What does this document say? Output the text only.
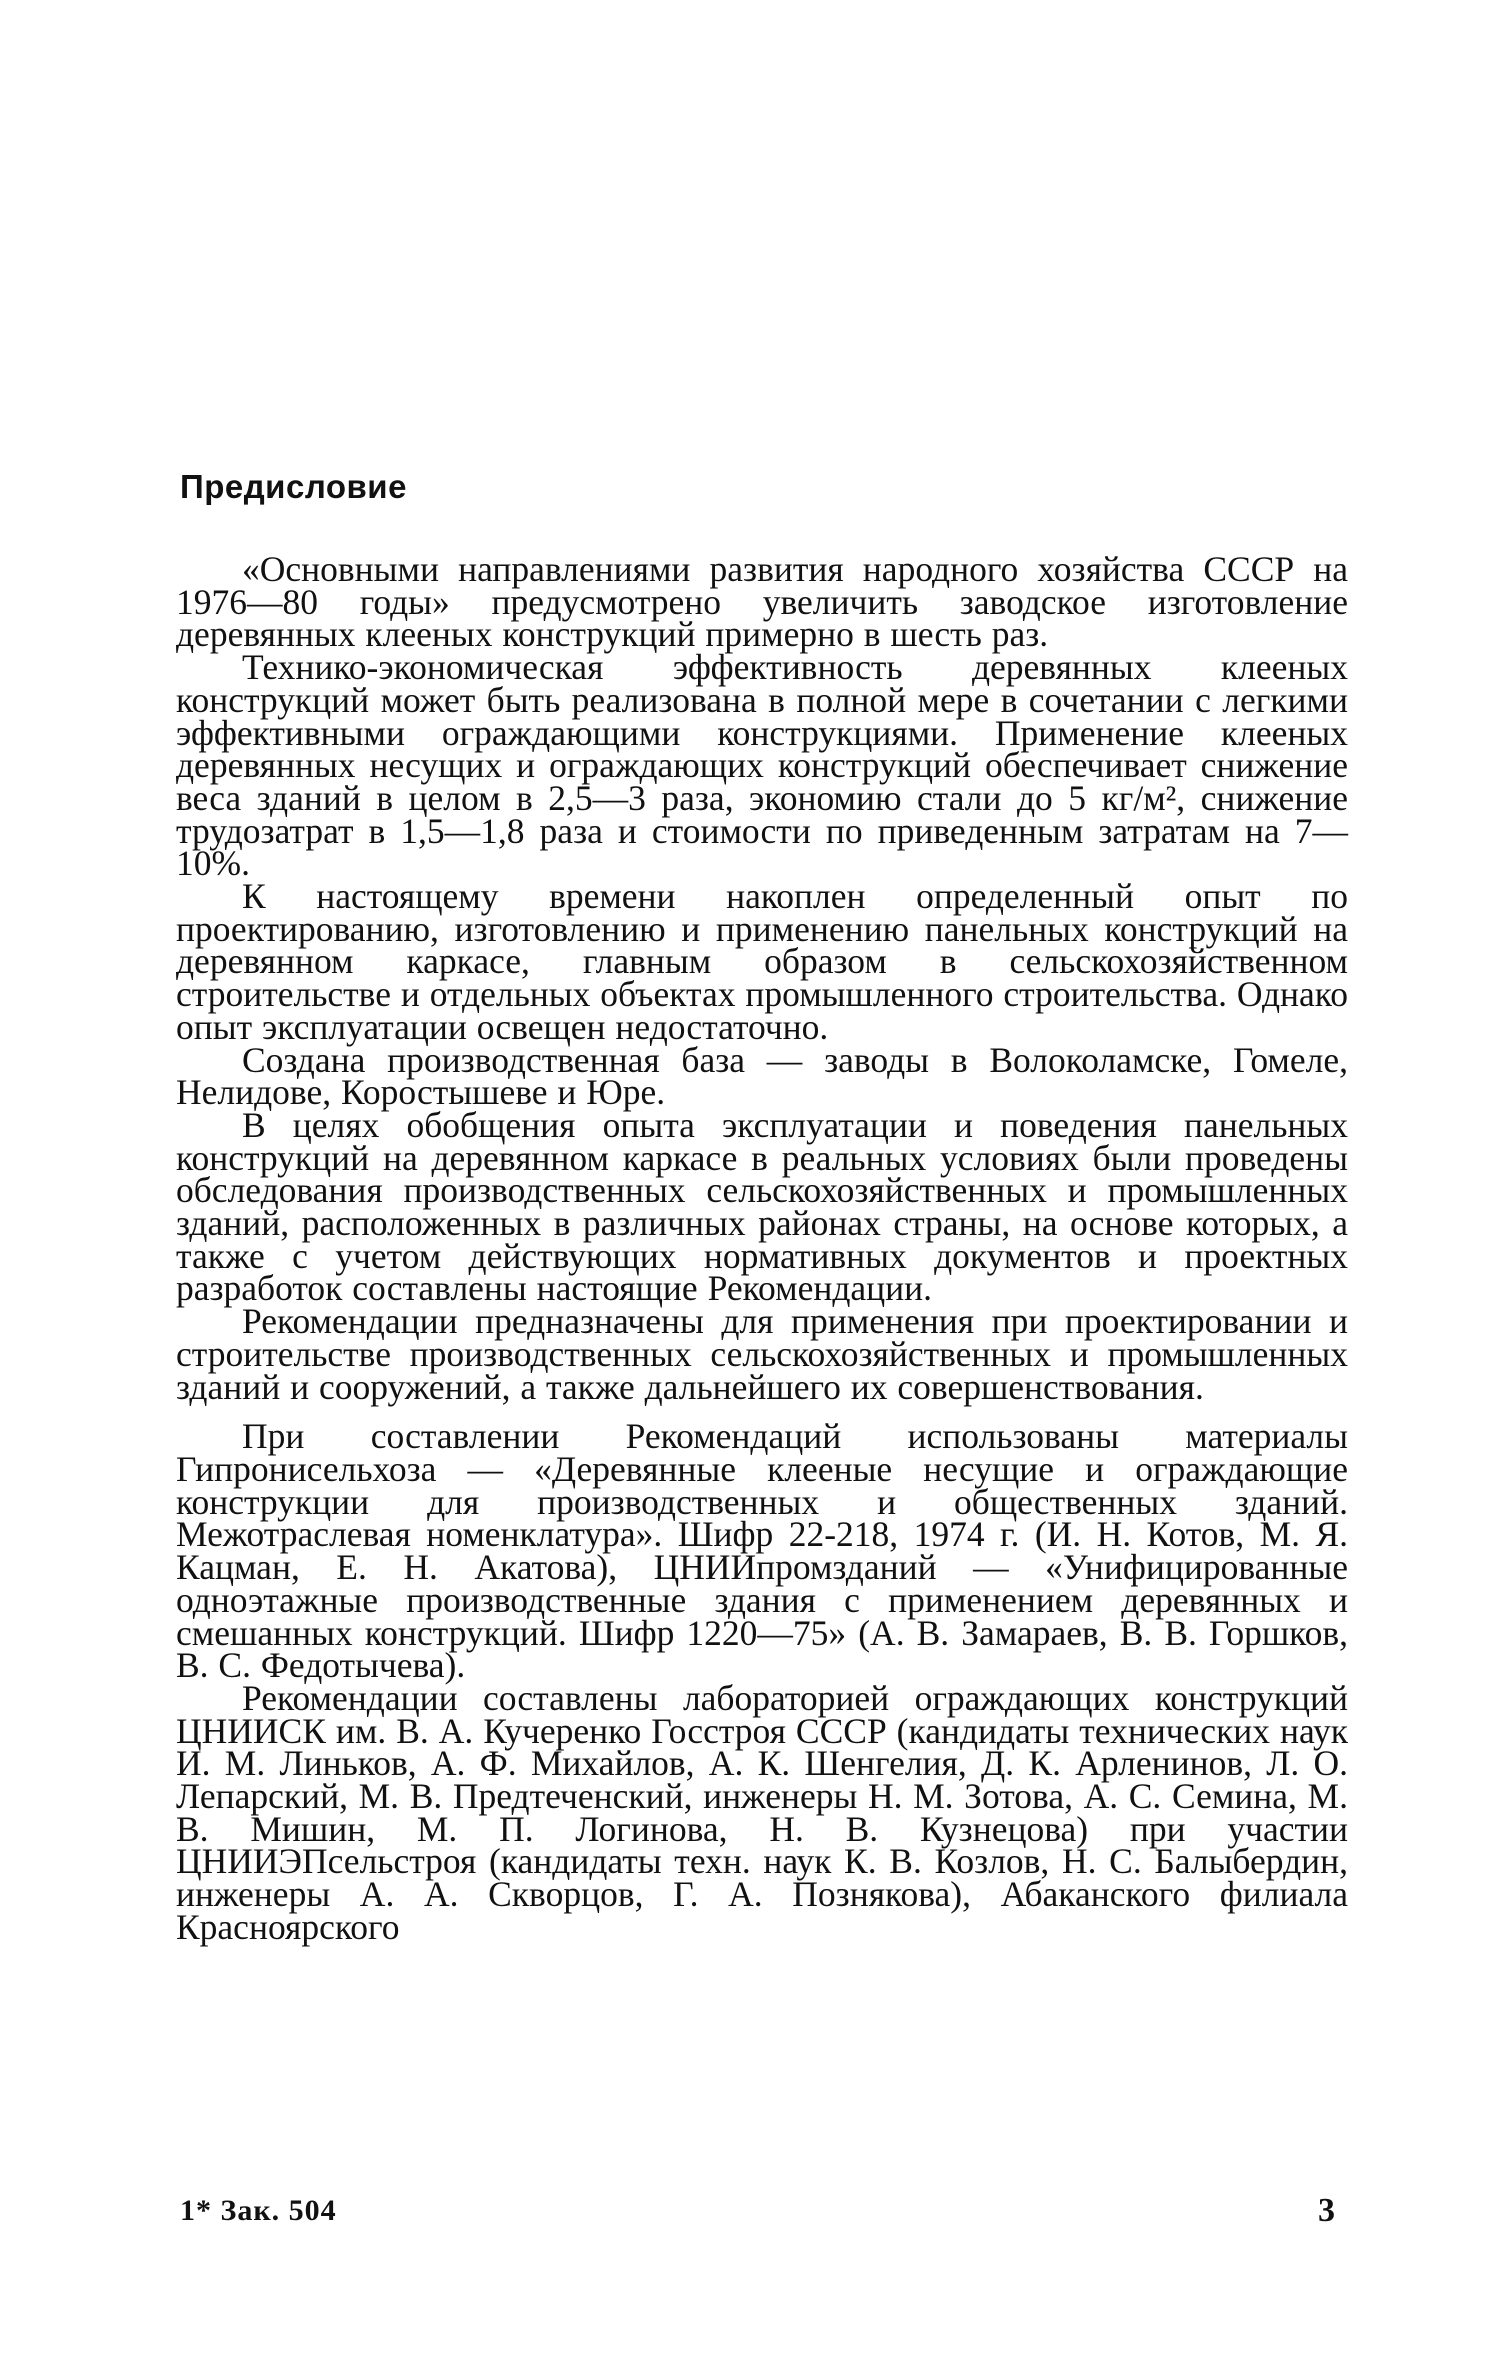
Предисловие

«Основными направлениями развития народного хозяйства СССР на 1976—80 годы» предусмотрено увеличить заводское изготовление деревянных клееных конструкций примерно в шесть раз.

Технико-экономическая эффективность деревянных клееных конструкций может быть реализована в полной мере в сочетании с легкими эффективными ограждающими конструкциями. Применение клееных деревянных несущих и ограждающих конструкций обеспечивает снижение веса зданий в целом в 2,5—3 раза, экономию стали до 5 кг/м², снижение трудозатрат в 1,5—1,8 раза и стоимости по приведенным затратам на 7—10%.

К настоящему времени накоплен определенный опыт по проектированию, изготовлению и применению панельных конструкций на деревянном каркасе, главным образом в сельскохозяйственном строительстве и отдельных объектах промышленного строительства. Однако опыт эксплуатации освещен недостаточно.

Создана производственная база — заводы в Волоколамске, Гомеле, Нелидове, Коростышеве и Юре.

В целях обобщения опыта эксплуатации и поведения панельных конструкций на деревянном каркасе в реальных условиях были проведены обследования производственных сельскохозяйственных и промышленных зданий, расположенных в различных районах страны, на основе которых, а также с учетом действующих нормативных документов и проектных разработок составлены настоящие Рекомендации.

Рекомендации предназначены для применения при проектировании и строительстве производственных сельскохозяйственных и промышленных зданий и сооружений, а также дальнейшего их совершенствования.

При составлении Рекомендаций использованы материалы Гипронисельхоза — «Деревянные клееные несущие и ограждающие конструкции для производственных и общественных зданий. Межотраслевая номенклатура». Шифр 22-218, 1974 г. (И. Н. Котов, М. Я. Кацман, Е. Н. Акатова), ЦНИИпромзданий — «Унифицированные одноэтажные производственные здания с применением деревянных и смешанных конструкций. Шифр 1220—75» (А. В. Замараев, В. В. Горшков, В. С. Федотычева).

Рекомендации составлены лабораторией ограждающих конструкций ЦНИИСК им. В. А. Кучеренко Госстроя СССР (кандидаты технических наук И. М. Линьков, А. Ф. Михайлов, А. К. Шенгелия, Д. К. Арленинов, Л. О. Лепарский, М. В. Предтеченский, инженеры Н. М. Зотова, А. С. Семина, М. В. Мишин, М. П. Логинова, Н. В. Кузнецова) при участии ЦНИИЭПсельстроя (кандидаты техн. наук К. В. Козлов, Н. С. Балыбердин, инженеры А. А. Скворцов, Г. А. Познякова), Абаканского филиала Красноярского

1* Зак. 504	3
